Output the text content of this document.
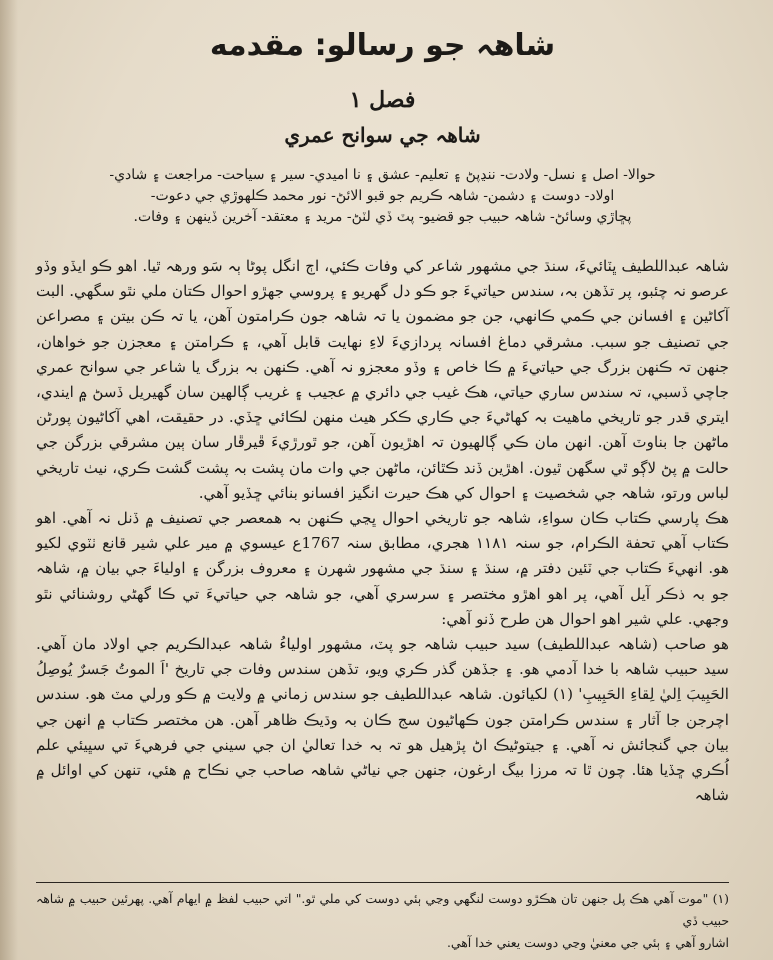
شاهہ جو رسالو: مقدمه
فصل ١
شاهہ جي سوانح عمري
حوالا- اصل ۽ نسل- ولادت- ننڍپڻ ۽ تعليم- عشق ۽ نا اميدي- سير ۽ سياحت- مراجعت ۽ شادي-
اولاد- دوست ۽ دشمن- شاهہ ڪريم جو قبو الائڻ- نور محمد ڪلهوڙي جي دعوت-
پڇاڙي وسائڻ- شاهہ حبيب جو قضيو- پٽ ڏي لٽڻ- مريد ۽ معتقد- آخرين ڏينهن ۽ وفات.

شاهہ عبداللطيف ڀٽائيءَ، سنڌ جي مشهور شاعر کي وفات ڪئي، اڄ انگل پوڻا ٻہ سَو ورهہ ٿيا. اهو ڪو ايڏو وڏو عرصو نہ چئبو، پر تڏهن بہ، سندس حياتيءَ جو ڪو دل گهريو ۽ پروسي جهڙو احوال ڪتان ملي نٿو سگهي. البت آکاڻين ۽ افسانن جي ڪمي ڪانهي، جن جو مضمون يا تہ شاهہ جون ڪرامتون آهن، يا تہ ڪن بيتن ۽ مصراعن جي تصنيف جو سبب. مشرقي دماغ افسانہ پردازيءَ لاءِ نهايت قابل آهي، ۽ ڪرامتن ۽ معجزن جو خواهان، جنهن تہ ڪنهن بزرگ جي حياتيءَ ۾ ڪا خاص ۽ وڏو معجزو نہ آهي. ڪنهن بہ بزرگ يا شاعر جي سوانح عمري جاچي ڏسبي، تہ سندس ساري حياتي، هڪ غيب جي دائري ۾ عجيب ۽ غريب ڳالهين سان گهيريل ڏسڻ ۾ ايندي، ايتري قدر جو تاريخي ماهيت بہ کهاڻيءَ جي ڪاري ڪکر هيٺ منهن لڪائي ڇڏي. در حقيقت، اهي آکاڻيون پورڻن ماڻهن جا بناوٽ آهن. انهن مان ڪي ڳالهيون تہ اهڙيون آهن، جو ٿورڙيءَ ڦيرڦار سان ٻين مشرقي بزرگن جي حالت ۾ پڻ لاڳو ٿي سگهن ٿيون. اهڙين ڏند ڪٿائن، ماڻهن جي وات مان پشت بہ پشت گشت ڪري، نيٺ تاريخي لباس ورتو، شاهہ جي شخصيت ۽ احوال کي هڪ حيرت انگيز افسانو بنائي ڇڏيو آهي.

هڪ پارسي ڪتاب ڪان سواءِ، شاهہ جو تاريخي احوال ڀڃي ڪنهن بہ همعصر جي تصنيف ۾ ڏنل نہ آهي. اهو ڪتاب آهي تحفة الڪرام، جو سنہ ١١٨١ هجري، مطابق سنہ 1767ع عيسوي ۾ مير علي شير قانع ٺٽوي لکيو هو. انهيءَ ڪتاب جي ٽئين دفتر ۾، سنڌ ۽ سنڌ جي مشهور شهرن ۽ معروف بزرگن ۽ اولياءَ جي بيان ۾، شاهہ جو بہ ذڪر آيل آهي، پر اهو اهڙو مختصر ۽ سرسري آهي، جو شاهہ جي حياتيءَ تي ڪا گهڻي روشنائي نٿو وجهي. علي شير اهو احوال هن طرح ڏنو آهي:

هو صاحب (شاهہ عبداللطيف) سيد حبيب شاهہ جو پٽ، مشهور اولياءُ شاهہ عبدالڪريم جي اولاد مان آهي. سيد حبيب شاهہ با خدا آدمي هو. ۽ جڏهن گذر ڪري ويو، تڏهن سندس وفات جي تاريخ 'اَ الموتُ جَسرٌ يُوصِلُ الحَبِيبَ اِليٰ لِقاءِ الحَبِيبِ' (١) لکيائون. شاهہ عبداللطيف جو سندس زماني ۾ ولايت ۾ ڪو ورلي مٽ هو. سندس اچرجن جا آثار ۽ سندس ڪرامتن جون ڪهاڻيون سج ڪان بہ وڌيڪ ظاهر آهن. هن مختصر ڪتاب ۾ انهن جي بيان جي گنجائش نہ آهي. ۽ جيتوڻيڪ اڻ پڙهيل هو تہ بہ خدا تعاليٰ ان جي سيني جي فرهيءَ تي سڀيئي علم اُڪري ڇڏيا هئا. چون ٿا تہ مرزا بيگ ارغون، جنهن جي نياڻي شاهہ صاحب جي نڪاح ۾ هئي، تنهن کي اوائل ۾ شاهہ

(١) "موت آهي هڪ پل جنهن تان هڪڙو دوست لنگهي وڃي ٻئي دوست کي ملي ٿو." اتي حبيب لفظ ۾ ايهام آهي. پهرئين حبيب ۾ شاهہ حبيب ڏي
اشارو آهي ۽ ٻئي جي معنيٰ وڃي دوست يعني خدا آهي.
